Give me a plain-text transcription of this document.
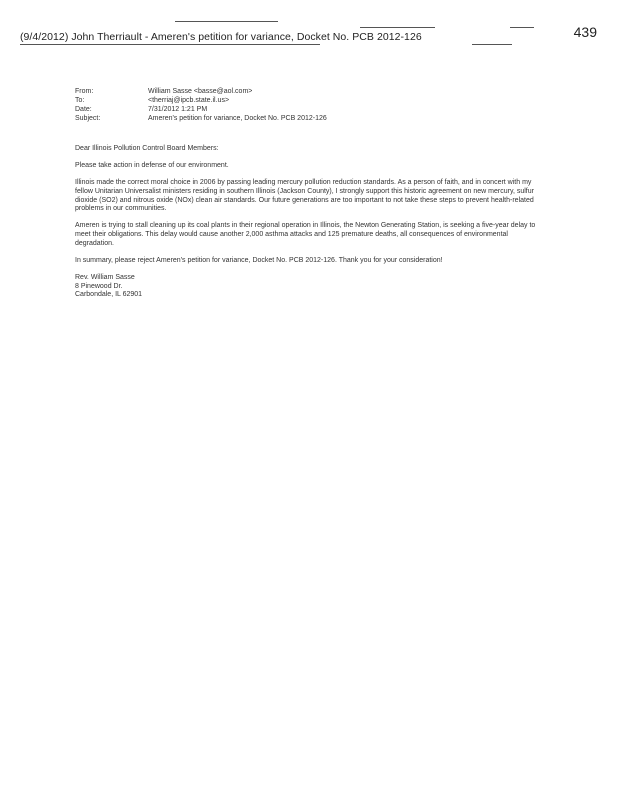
(9/4/2012) John Therriault - Ameren's petition for variance, Docket No. PCB 2012-126	439
From:	William Sasse <basse@aol.com>
To:	<therriaj@ipcb.state.il.us>
Date:	7/31/2012 1:21 PM
Subject:	Ameren's petition for variance, Docket No. PCB 2012-126

Dear Illinois Pollution Control Board Members:

Please take action in defense of our environment.

Illinois made the correct moral choice in 2006 by passing leading mercury pollution reduction standards. As a person of faith, and in concert with my fellow Unitarian Universalist ministers residing in southern Illinois (Jackson County), I strongly support this historic agreement on new mercury, sulfur dioxide (SO2) and nitrous oxide (NOx) clean air standards. Our future generations are too important to not take these steps to prevent health-related problems in our communities.

Ameren is trying to stall cleaning up its coal plants in their regional operation in Illinois, the Newton Generating Station, is seeking a five-year delay to meet their obligations. This delay would cause another 2,000 asthma attacks and 125 premature deaths, all consequences of environmental degradation.

In summary, please reject Ameren's petition for variance, Docket No. PCB 2012-126. Thank you for your consideration!

Rev. William Sasse
8 Pinewood Dr.
Carbondale, IL 62901
